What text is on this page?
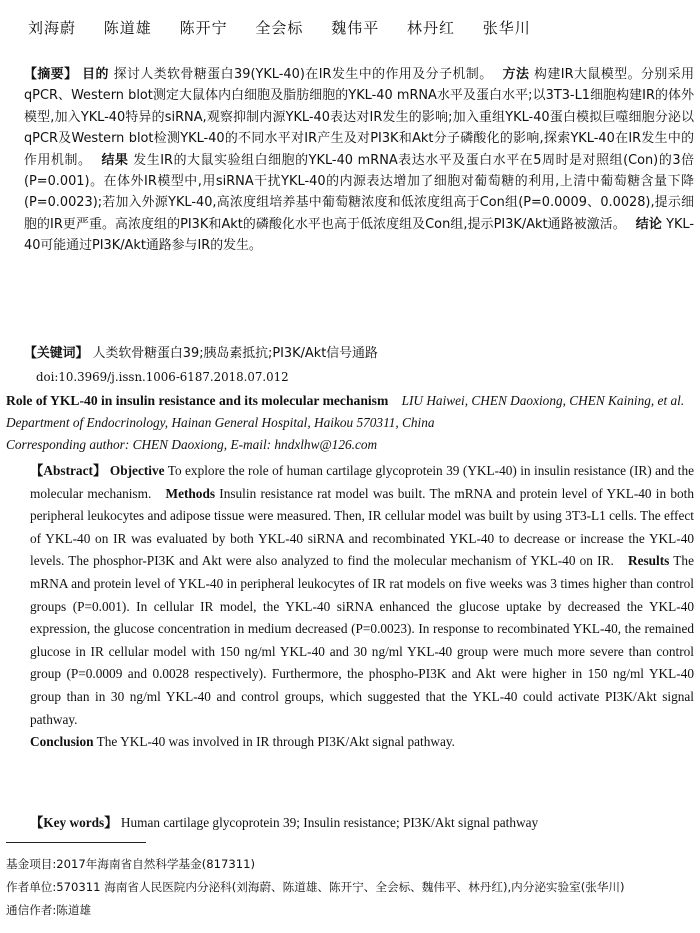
刘海蔚 陈道雄 陈开宁 全会标 魏伟平 林丹红 张华川
【摘要】 目的 探讨人类软骨糖蛋白39(YKL-40)在IR发生中的作用及分子机制。 方法 构建IR大鼠模型。分别采用qPCR、Western blot测定大鼠体内白细胞及脂肪细胞的YKL-40 mRNA水平及蛋白水平;以3T3-L1细胞构建IR的体外模型,加入YKL-40特异的siRNA,观察抑制内源YKL-40表达对IR发生的影响;加入重组YKL-40蛋白模拟巨噬细胞分泌以qPCR及Western blot检测YKL-40的不同水平对IR产生及对PI3K和Akt分子磷酸化的影响,探索YKL-40在IR发生中的作用机制。 结果 发生IR的大鼠实验组白细胞的YKL-40 mRNA表达水平及蛋白水平在5周时是对照组(Con)的3倍(P=0.001)。在体外IR模型中,用siRNA干扰YKL-40的内源表达增加了细胞对葡萄糖的利用,上清中葡萄糖含量下降(P=0.0023);若加入外源YKL-40,高浓度组培养基中葡萄糖浓度和低浓度组高于Con组(P=0.0009、0.0028),提示细胞的IR更严重。高浓度组的PI3K和Akt的磷酸化水平也高于低浓度组及Con组,提示PI3K/Akt通路被激活。 结论 YKL-40可能通过PI3K/Akt通路参与IR的发生。
【关键词】 人类软骨糖蛋白39;胰岛素抵抗;PI3K/Akt信号通路
doi:10.3969/j.issn.1006-6187.2018.07.012
Role of YKL-40 in insulin resistance and its molecular mechanism LIU Haiwei, CHEN Daoxiong, CHEN Kaining, et al. Department of Endocrinology, Hainan General Hospital, Haikou 570311, China
Corresponding author: CHEN Daoxiong, E-mail: hndxlhw@126.com
【Abstract】 Objective To explore the role of human cartilage glycoprotein 39 (YKL-40) in insulin resistance (IR) and the molecular mechanism. Methods Insulin resistance rat model was built. The mRNA and protein level of YKL-40 in both peripheral leukocytes and adipose tissue were measured. Then, IR cellular model was built by using 3T3-L1 cells. The effect of YKL-40 on IR was evaluated by both YKL-40 siRNA and recombinated YKL-40 to decrease or increase the YKL-40 levels. The phosphor-PI3K and Akt were also analyzed to find the molecular mechanism of YKL-40 on IR. Results The mRNA and protein level of YKL-40 in peripheral leukocytes of IR rat models on five weeks was 3 times higher than control groups (P=0.001). In cellular IR model, the YKL-40 siRNA enhanced the glucose uptake by decreased the YKL-40 expression, the glucose concentration in medium decreased (P=0.0023). In response to recombinated YKL-40, the remained glucose in IR cellular model with 150 ng/ml YKL-40 and 30 ng/ml YKL-40 group were much more severe than control group (P=0.0009 and 0.0028 respectively). Furthermore, the phospho-PI3K and Akt were higher in 150 ng/ml YKL-40 group than in 30 ng/ml YKL-40 and control groups, which suggested that the YKL-40 could activate PI3K/Akt signal pathway.
Conclusion The YKL-40 was involved in IR through PI3K/Akt signal pathway.
【Key words】 Human cartilage glycoprotein 39; Insulin resistance; PI3K/Akt signal pathway
基金项目:2017年海南省自然科学基金(817311)
作者单位:570311 海南省人民医院内分泌科(刘海蔚、陈道雄、陈开宁、全会标、魏伟平、林丹红),内分泌实验室(张华川)
通信作者:陈道雄
